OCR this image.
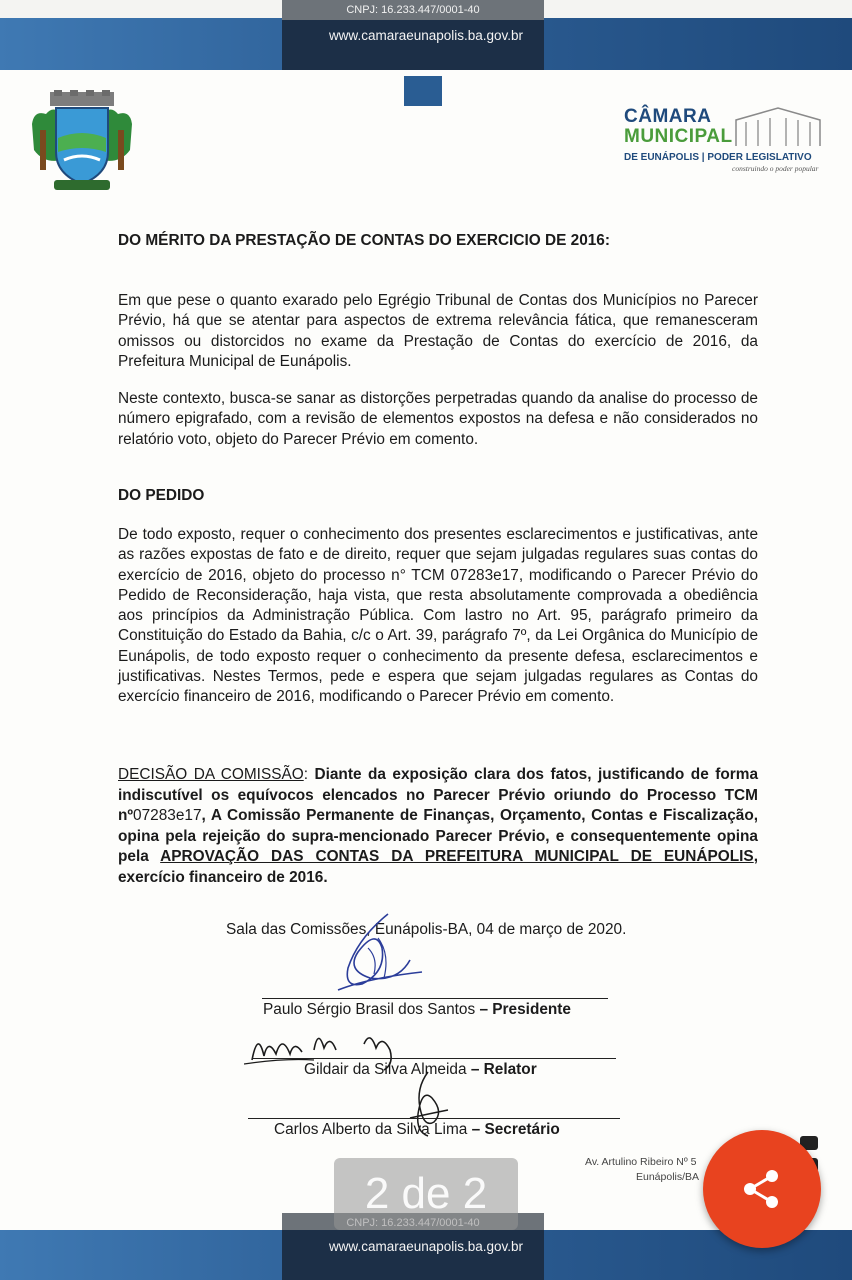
www.camaraeunapolis.ba.gov.br
CNPJ: 16.233.447/0001-40
CÂMARA
MUNICIPAL
DE EUNÁPOLIS | PODER LEGISLATIVO
construindo o poder popular
DO MÉRITO DA PRESTAÇÃO DE CONTAS DO EXERCICIO DE 2016:
Em que pese o quanto exarado pelo Egrégio Tribunal de Contas dos Municípios no Parecer Prévio, há que se atentar para aspectos de extrema relevância fática, que remanesceram omissos ou distorcidos no exame da Prestação de Contas do exercício de 2016, da Prefeitura Municipal de Eunápolis.
Neste contexto, busca-se sanar as distorções perpetradas quando da analise do processo de número epigrafado, com a revisão de elementos expostos na defesa e não considerados no relatório voto, objeto do Parecer Prévio em comento.
DO PEDIDO
De todo exposto, requer o conhecimento dos presentes esclarecimentos e justificativas, ante as razões expostas de fato e de direito, requer que sejam julgadas regulares suas contas do exercício de 2016, objeto do processo n° TCM 07283e17, modificando o Parecer Prévio do Pedido de Reconsideração, haja vista, que resta absolutamente comprovada a obediência aos princípios da Administração Pública. Com lastro no Art. 95, parágrafo primeiro da Constituição do Estado da Bahia, c/c o Art. 39, parágrafo 7º, da Lei Orgânica do Município de Eunápolis, de todo exposto requer o conhecimento da presente defesa, esclarecimentos e justificativas. Nestes Termos, pede e espera que sejam julgadas regulares as Contas do exercício financeiro de 2016, modificando o Parecer Prévio em comento.
DECISÃO DA COMISSÃO: Diante da exposição clara dos fatos, justificando de forma indiscutível os equívocos elencados no Parecer Prévio oriundo do Processo TCM nº07283e17, A Comissão Permanente de Finanças, Orçamento, Contas e Fiscalização, opina pela rejeição do supra-mencionado Parecer Prévio, e consequentemente opina pela APROVAÇÃO DAS CONTAS DA PREFEITURA MUNICIPAL DE EUNÁPOLIS, exercício financeiro de 2016.
Sala das Comissões, Eunápolis-BA, 04 de março de 2020.
Paulo Sérgio Brasil dos Santos – Presidente
Gildair da Silva Almeida – Relator
Carlos Alberto da Silva Lima – Secretário
Av. Artulino Ribeiro Nº 5
Eunápolis/BA
www.camaraeunapolis.ba.gov.br
2 de 2
